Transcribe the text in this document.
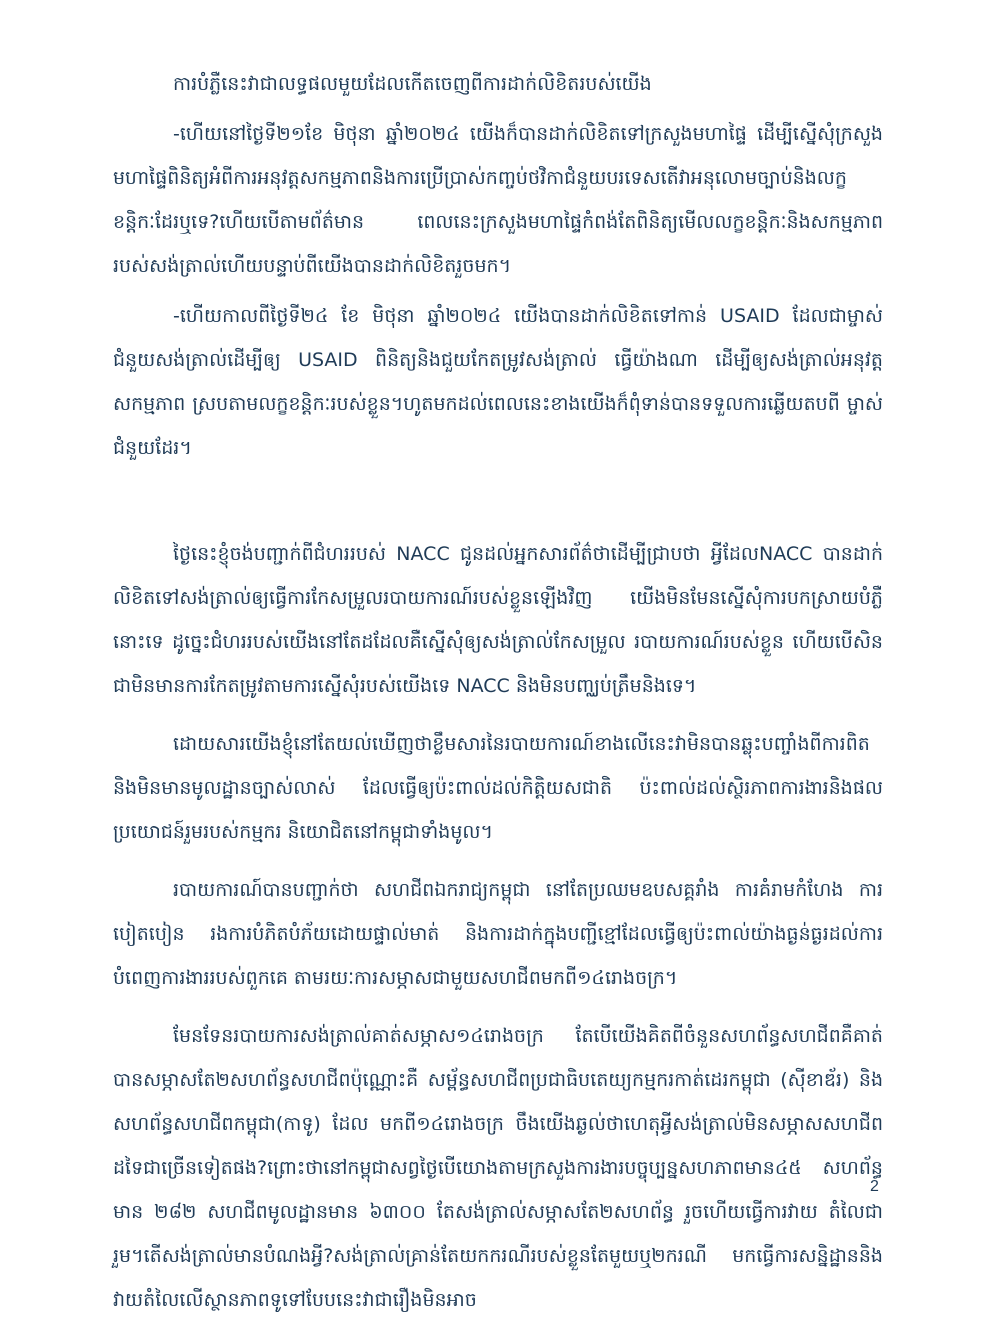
ការបំភ្លឺនេះវាជាលទ្ធផលមួយដែលកើតចេញពីការដាក់លិខិតរបស់យើង

-ហើយនៅថ្ងៃទី២១ខែ មិថុនា ឆ្នាំ២០២៤ យើងក៏បានដាក់លិខិតទៅក្រសួងមហាផ្ទៃ ដើម្បីស្នើសុំក្រសួងមហាផ្ទៃពិនិត្យអំពីការអនុវត្តសកម្មភាពនិងការប្រើប្រាស់កញ្ចប់ថវិកាជំនួយបរទេសតើវាអនុលោមច្បាប់និងលក្ខខន្តិកៈដែរឬទេ?ហើយបើតាមព័ត៌មាន ពេលនេះក្រសួងមហាផ្ទៃកំពង់តែពិនិត្យមើលលក្ខខន្តិកៈនិងសកម្មភាពរបស់សង់ត្រាល់ហើយបន្ទាប់ពីយើងបានដាក់លិខិតរួចមក។

-ហើយកាលពីថ្ងៃទី២៤ ខែ មិថុនា ឆ្នាំ២០២៤ យើងបានដាក់លិខិតទៅកាន់ USAID ដែលជាម្ចាស់ជំនួយសង់ត្រាល់ដើម្បីឲ្យ USAID ពិនិត្យនិងជួយកែតម្រូវសង់ត្រាល់ ធ្វើយ៉ាងណា ដើម្បីឲ្យសង់ត្រាល់អនុវត្តសកម្មភាព ស្របតាមលក្ខខន្តិកៈរបស់ខ្លួន។ហូតមកដល់ពេលនេះខាងយើងក៏ពុំទាន់បានទទួលការឆ្លើយតបពី ម្ចាស់ជំនួយដែរ។

ថ្ងៃនេះខ្ញុំចង់បញ្ជាក់ពីជំហររបស់ NACC ជូនដល់អ្នកសារព័ត៌ថាដើម្បីជ្រាបថា អ្វីដែលNACC បានដាក់លិខិតទៅសង់ត្រាល់ឲ្យធ្វើការកែសម្រួលរបាយការណ៍របស់ខ្លួនឡើងវិញ យើងមិនមែនស្នើសុំការបកស្រាយបំភ្លឺនោះទេ ដូច្នេះជំហររបស់យើងនៅតែដដែលគឺស្នើសុំឲ្យសង់ត្រាល់កែសម្រួល របាយការណ៍របស់ខ្លួន ហើយបើសិនជាមិនមានការកែតម្រូវតាមការស្នើសុំរបស់យើងទេ NACC និងមិនបញ្ឈប់ត្រឹមនិងទេ។

ដោយសារយើងខ្ញុំនៅតែយល់ឃើញថាខ្លឹមសារនៃរបាយការណ៍ខាងលើនេះវាមិនបានឆ្លុះបញ្ចាំងពីការពិតនិងមិនមានមូលដ្ឋានច្បាស់លាស់ ដែលធ្វើឲ្យប៉ះពាល់ដល់កិត្តិយសជាតិ ប៉ះពាល់ដល់ស្ថិរភាពការងារនិងផលប្រយោជន៍រួមរបស់កម្មករ និយោជិតនៅកម្ពុជាទាំងមូល។

របាយការណ៍បានបញ្ជាក់ថា សហជីពឯករាជ្យកម្ពុជា នៅតែប្រឈមឧបសគ្គរាំង ការគំរាមកំហែង ការបៀតបៀន រងការបំភិតបំភ័យដោយផ្ទាល់មាត់ និងការដាក់ក្នុងបញ្ជីខ្មៅដែលធ្វើឲ្យប៉ះពាល់យ៉ាងធ្ងន់ធ្ងរដល់ការបំពេញការងាររបស់ពួកគេ តាមរយៈការសម្ភាសជាមួយសហជីពមកពី១៤រោងចក្រ។

មែនទែនរបាយការសង់ត្រាល់គាត់សម្ភាស១៤រោងចក្រ តែបើយើងគិតពីចំនួនសហព័ន្ធសហជីពគឺគាត់បានសម្ភាសតែ២សហព័ន្ធសហជីពប៉ុណ្ណោះគឺ សម្ព័ន្ធសហជីពប្រជាធិបតេយ្យកម្មករកាត់ដេរកម្ពុជា (ស៊ីខាឌ័រ) និងសហព័ន្ធសហជីពកម្ពុជា(កាទូ) ដែល មកពី១៤រោងចក្រ ចឹងយើងឆ្ងល់ថាហេតុអ្វីសង់ត្រាល់មិនសម្ភាសសហជីពដទៃជាច្រើនទៀតផង?ព្រោះថានៅកម្ពុជាសព្វថ្ងៃបើយោងតាមក្រសួងការងារបច្ចុប្បន្នសហភាពមាន៤៥ សហព័ន្ធមាន ២៨២ សហជីពមូលដ្ឋានមាន ៦៣០០ តែសង់ត្រាល់សម្ភាសតែ២សហព័ន្ធ រួចហើយធ្វើការវាយ តំលៃជារួម។តើសង់ត្រាល់មានបំណងអ្វី?សង់ត្រាល់គ្រាន់តែយកករណីរបស់ខ្លួនតែមួយឬ២ករណី មកធ្វើការសន្និដ្ឋាននិងវាយតំលៃលើស្ថានភាពទូទៅបែបនេះវាជារឿងមិនអាច

2
